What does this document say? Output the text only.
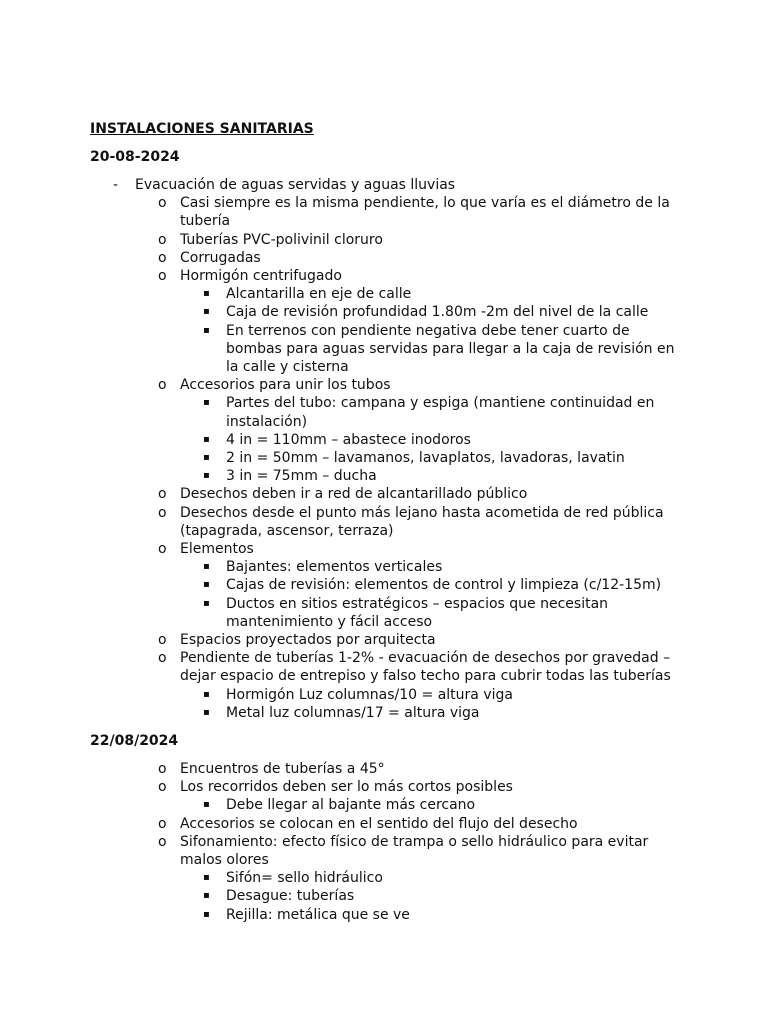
INSTALACIONES SANITARIAS
20-08-2024
- Evacuación de aguas servidas y aguas lluvias
o Casi siempre es la misma pendiente, lo que varía es el diámetro de la tubería
o Tuberías PVC-polivinil cloruro
o Corrugadas
o Hormigón centrifugado
▪ Alcantarilla en eje de calle
▪ Caja de revisión profundidad 1.80m -2m del nivel de la calle
▪ En terrenos con pendiente negativa debe tener cuarto de bombas para aguas servidas para llegar a la caja de revisión en la calle y cisterna
o Accesorios para unir los tubos
▪ Partes del tubo: campana y espiga (mantiene continuidad en instalación)
▪ 4 in = 110mm – abastece inodoros
▪ 2 in = 50mm – lavamanos, lavaplatos, lavadoras, lavatin
▪ 3 in = 75mm – ducha
o Desechos deben ir a red de alcantarillado público
o Desechos desde el punto más lejano hasta acometida de red pública (tapagrada, ascensor, terraza)
o Elementos
▪ Bajantes: elementos verticales
▪ Cajas de revisión: elementos de control y limpieza (c/12-15m)
▪ Ductos en sitios estratégicos – espacios que necesitan mantenimiento y fácil acceso
o Espacios proyectados por arquitecta
o Pendiente de tuberías 1-2% - evacuación de desechos por gravedad – dejar espacio de entrepiso y falso techo para cubrir todas las tuberías
▪ Hormigón Luz columnas/10 = altura viga
▪ Metal luz columnas/17 = altura viga
22/08/2024
o Encuentros de tuberías a 45°
o Los recorridos deben ser lo más cortos posibles
▪ Debe llegar al bajante más cercano
o Accesorios se colocan en el sentido del flujo del desecho
o Sifonamiento: efecto físico de trampa o sello hidráulico para evitar malos olores
▪ Sifón= sello hidráulico
▪ Desague: tuberías
▪ Rejilla: metálica que se ve
